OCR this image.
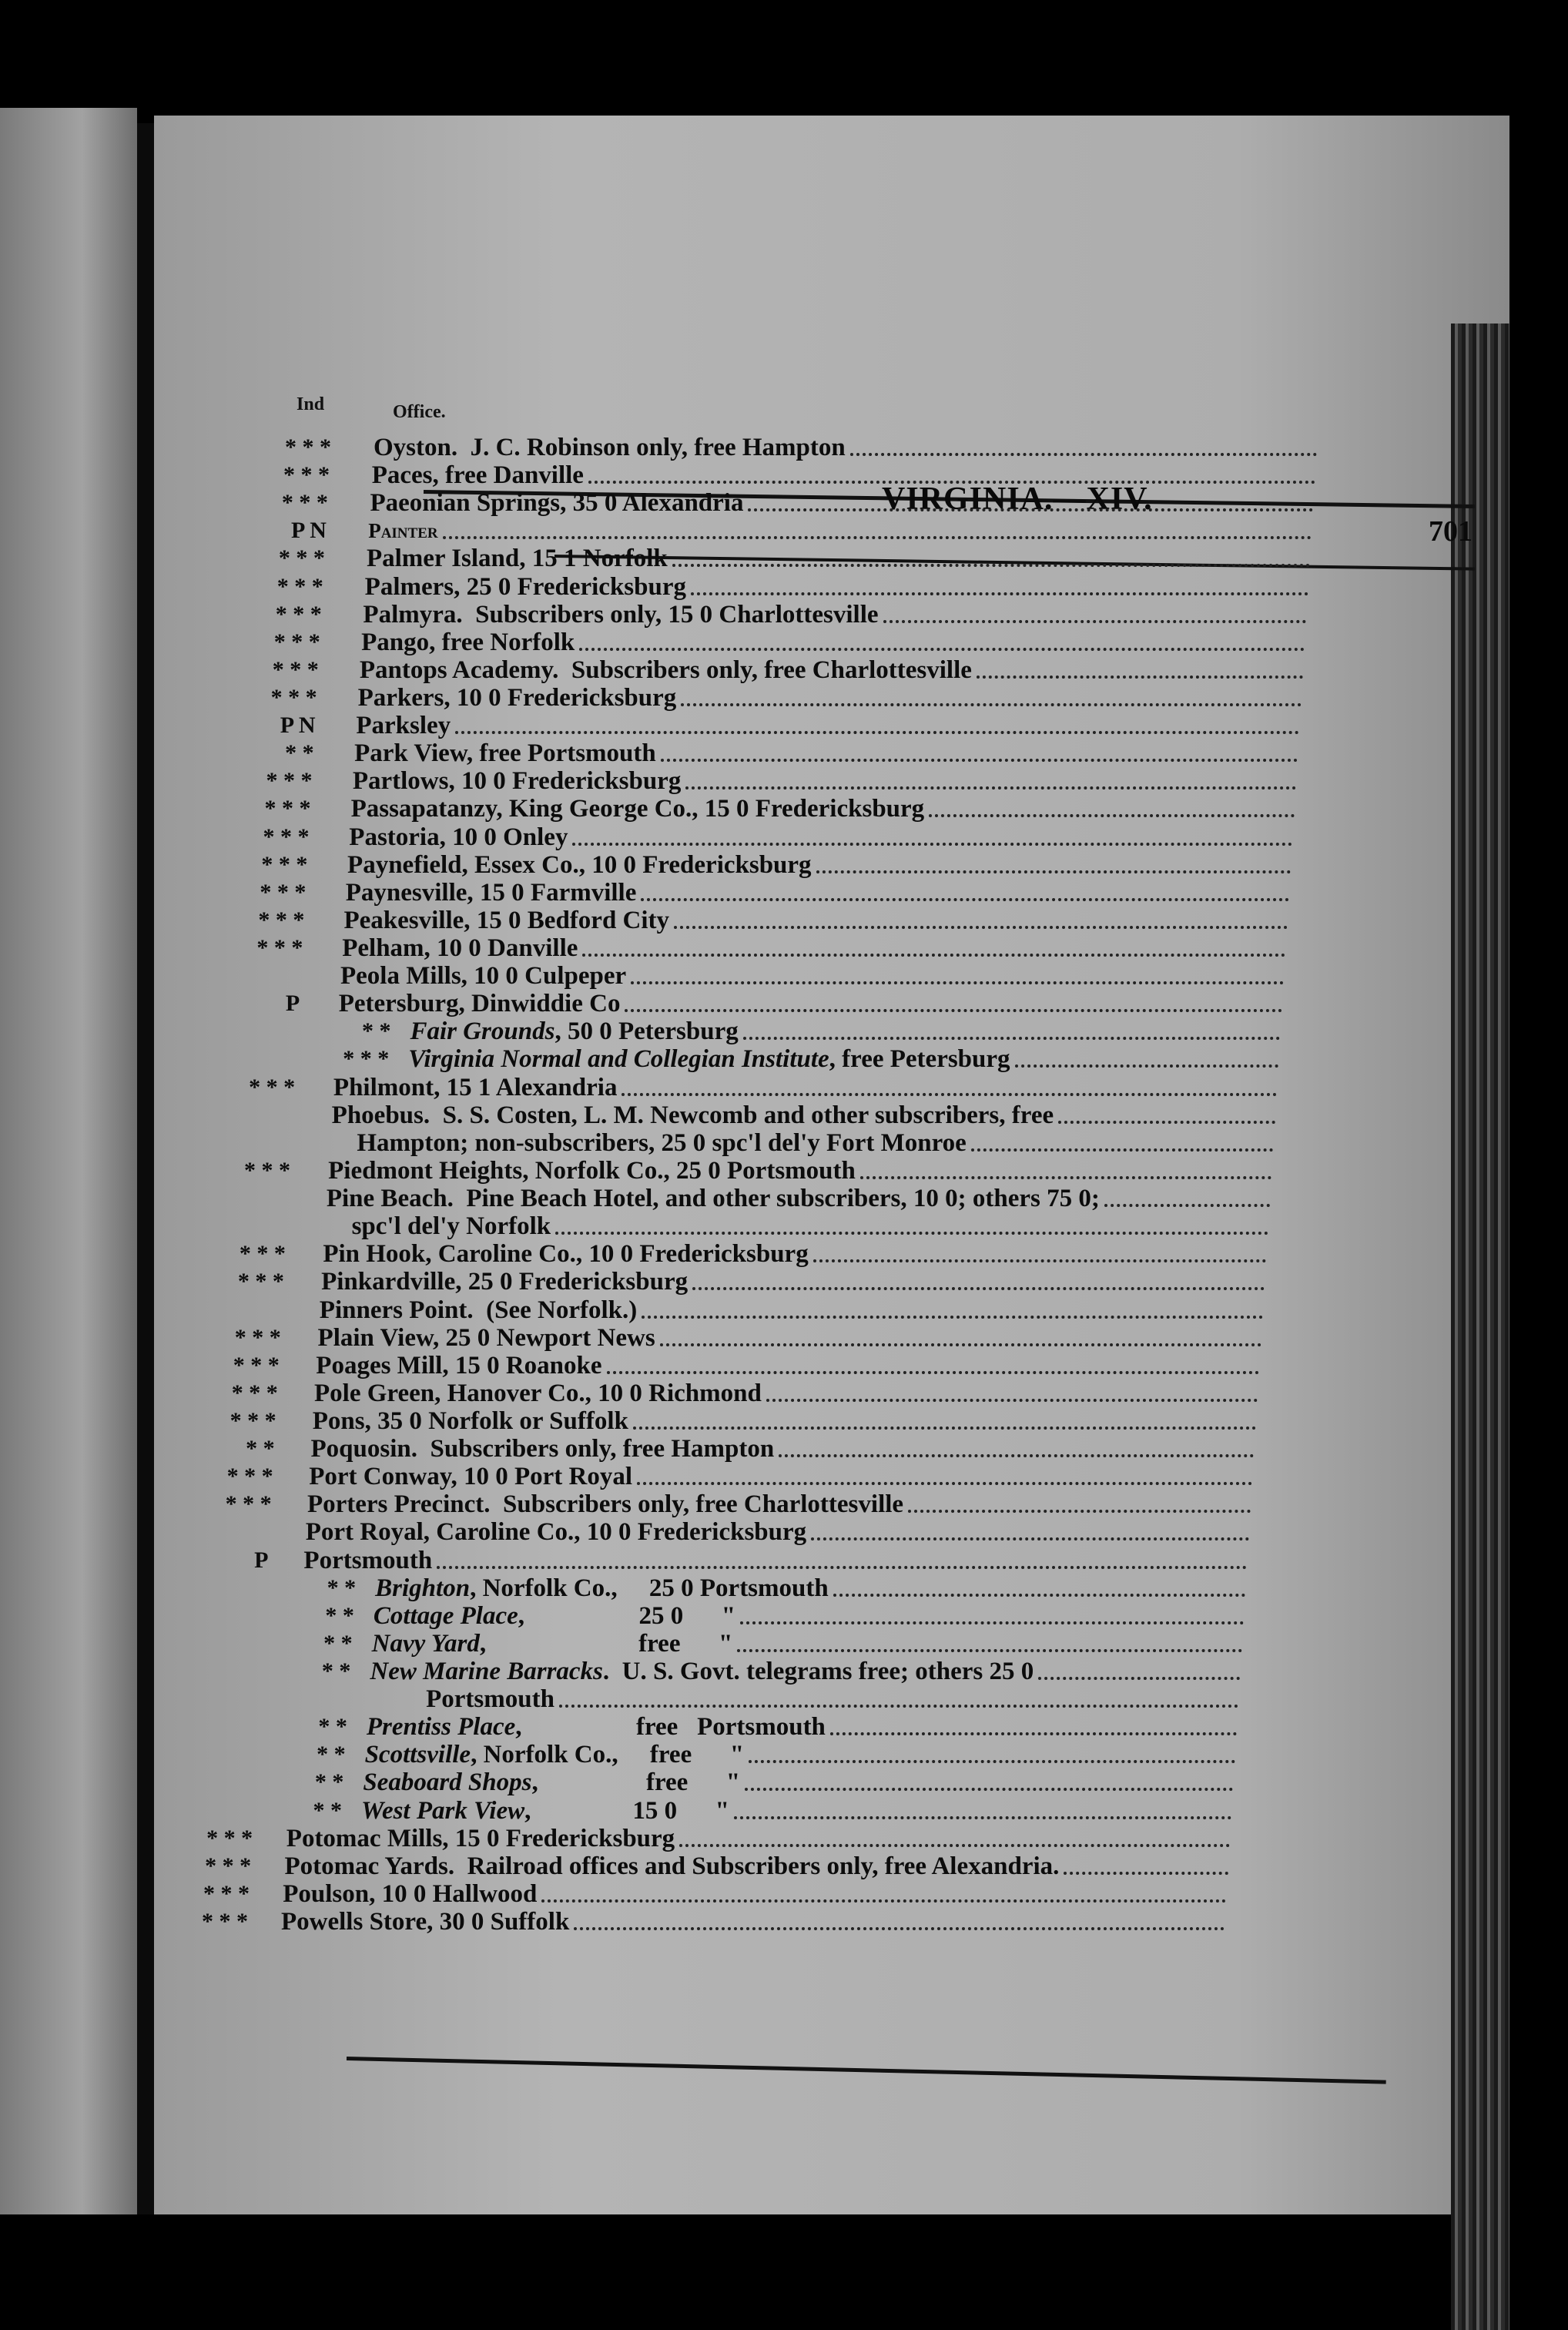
VIRGINIA.—XIV.
701
Ind	Office.
* * * Oyston.  J. C. Robinson only, free Hampton
* * * Paces, free Danville
* * * Paeonian Springs, 35 0 Alexandria
P N Painter
* * * Palmer Island, 15 1 Norfolk
* * * Palmers, 25 0 Fredericksburg
* * * Palmyra.  Subscribers only, 15 0 Charlottesville
* * * Pango, free Norfolk
* * * Pantops Academy.  Subscribers only, free Charlottesville
* * * Parkers, 10 0 Fredericksburg
P N Parksley
* * Park View, free Portsmouth
* * * Partlows, 10 0 Fredericksburg
* * * Passapatanzy, King George Co., 15 0 Fredericksburg
* * * Pastoria, 10 0 Onley
* * * Paynefield, Essex Co., 10 0 Fredericksburg
* * * Paynesville, 15 0 Farmville
* * * Peakesville, 15 0 Bedford City
* * * Pelham, 10 0 Danville
Peola Mills, 10 0 Culpeper
P Petersburg, Dinwiddie Co
* * Fair Grounds, 50 0 Petersburg
* * * Virginia Normal and Collegian Institute, free Petersburg
* * * Philmont, 15 1 Alexandria
Phoebus.  S. S. Costen, L. M. Newcomb and other subscribers, free
Hampton; non-subscribers, 25 0 spc'l del'y Fort Monroe
* * * Piedmont Heights, Norfolk Co., 25 0 Portsmouth
Pine Beach.  Pine Beach Hotel, and other subscribers, 10 0; others 75 0;
spc'l del'y Norfolk
* * * Pin Hook, Caroline Co., 10 0 Fredericksburg
* * * Pinkardville, 25 0 Fredericksburg
Pinners Point.  (See Norfolk.)
* * * Plain View, 25 0 Newport News
* * * Poages Mill, 15 0 Roanoke
* * * Pole Green, Hanover Co., 10 0 Richmond
* * * Pons, 35 0 Norfolk or Suffolk
* * Poquosin.  Subscribers only, free Hampton
* * * Port Conway, 10 0 Port Royal
* * * Porters Precinct.  Subscribers only, free Charlottesville
Port Royal, Caroline Co., 10 0 Fredericksburg
P Portsmouth
* * Brighton, Norfolk Co.,     25 0 Portsmouth
* * Cottage Place,                  25 0      "
* * Navy Yard,                        free      "
* * New Marine Barracks.  U. S. Govt. telegrams free; others 25 0
Portsmouth
* * Prentiss Place,                  free   Portsmouth
* * Scottsville, Norfolk Co.,     free      "
* * Seaboard Shops,                 free      "
* * West Park View,                15 0      "
* * * Potomac Mills, 15 0 Fredericksburg
* * * Potomac Yards.  Railroad offices and Subscribers only, free Alexandria.
* * * Poulson, 10 0 Hallwood
* * * Powells Store, 30 0 Suffolk
